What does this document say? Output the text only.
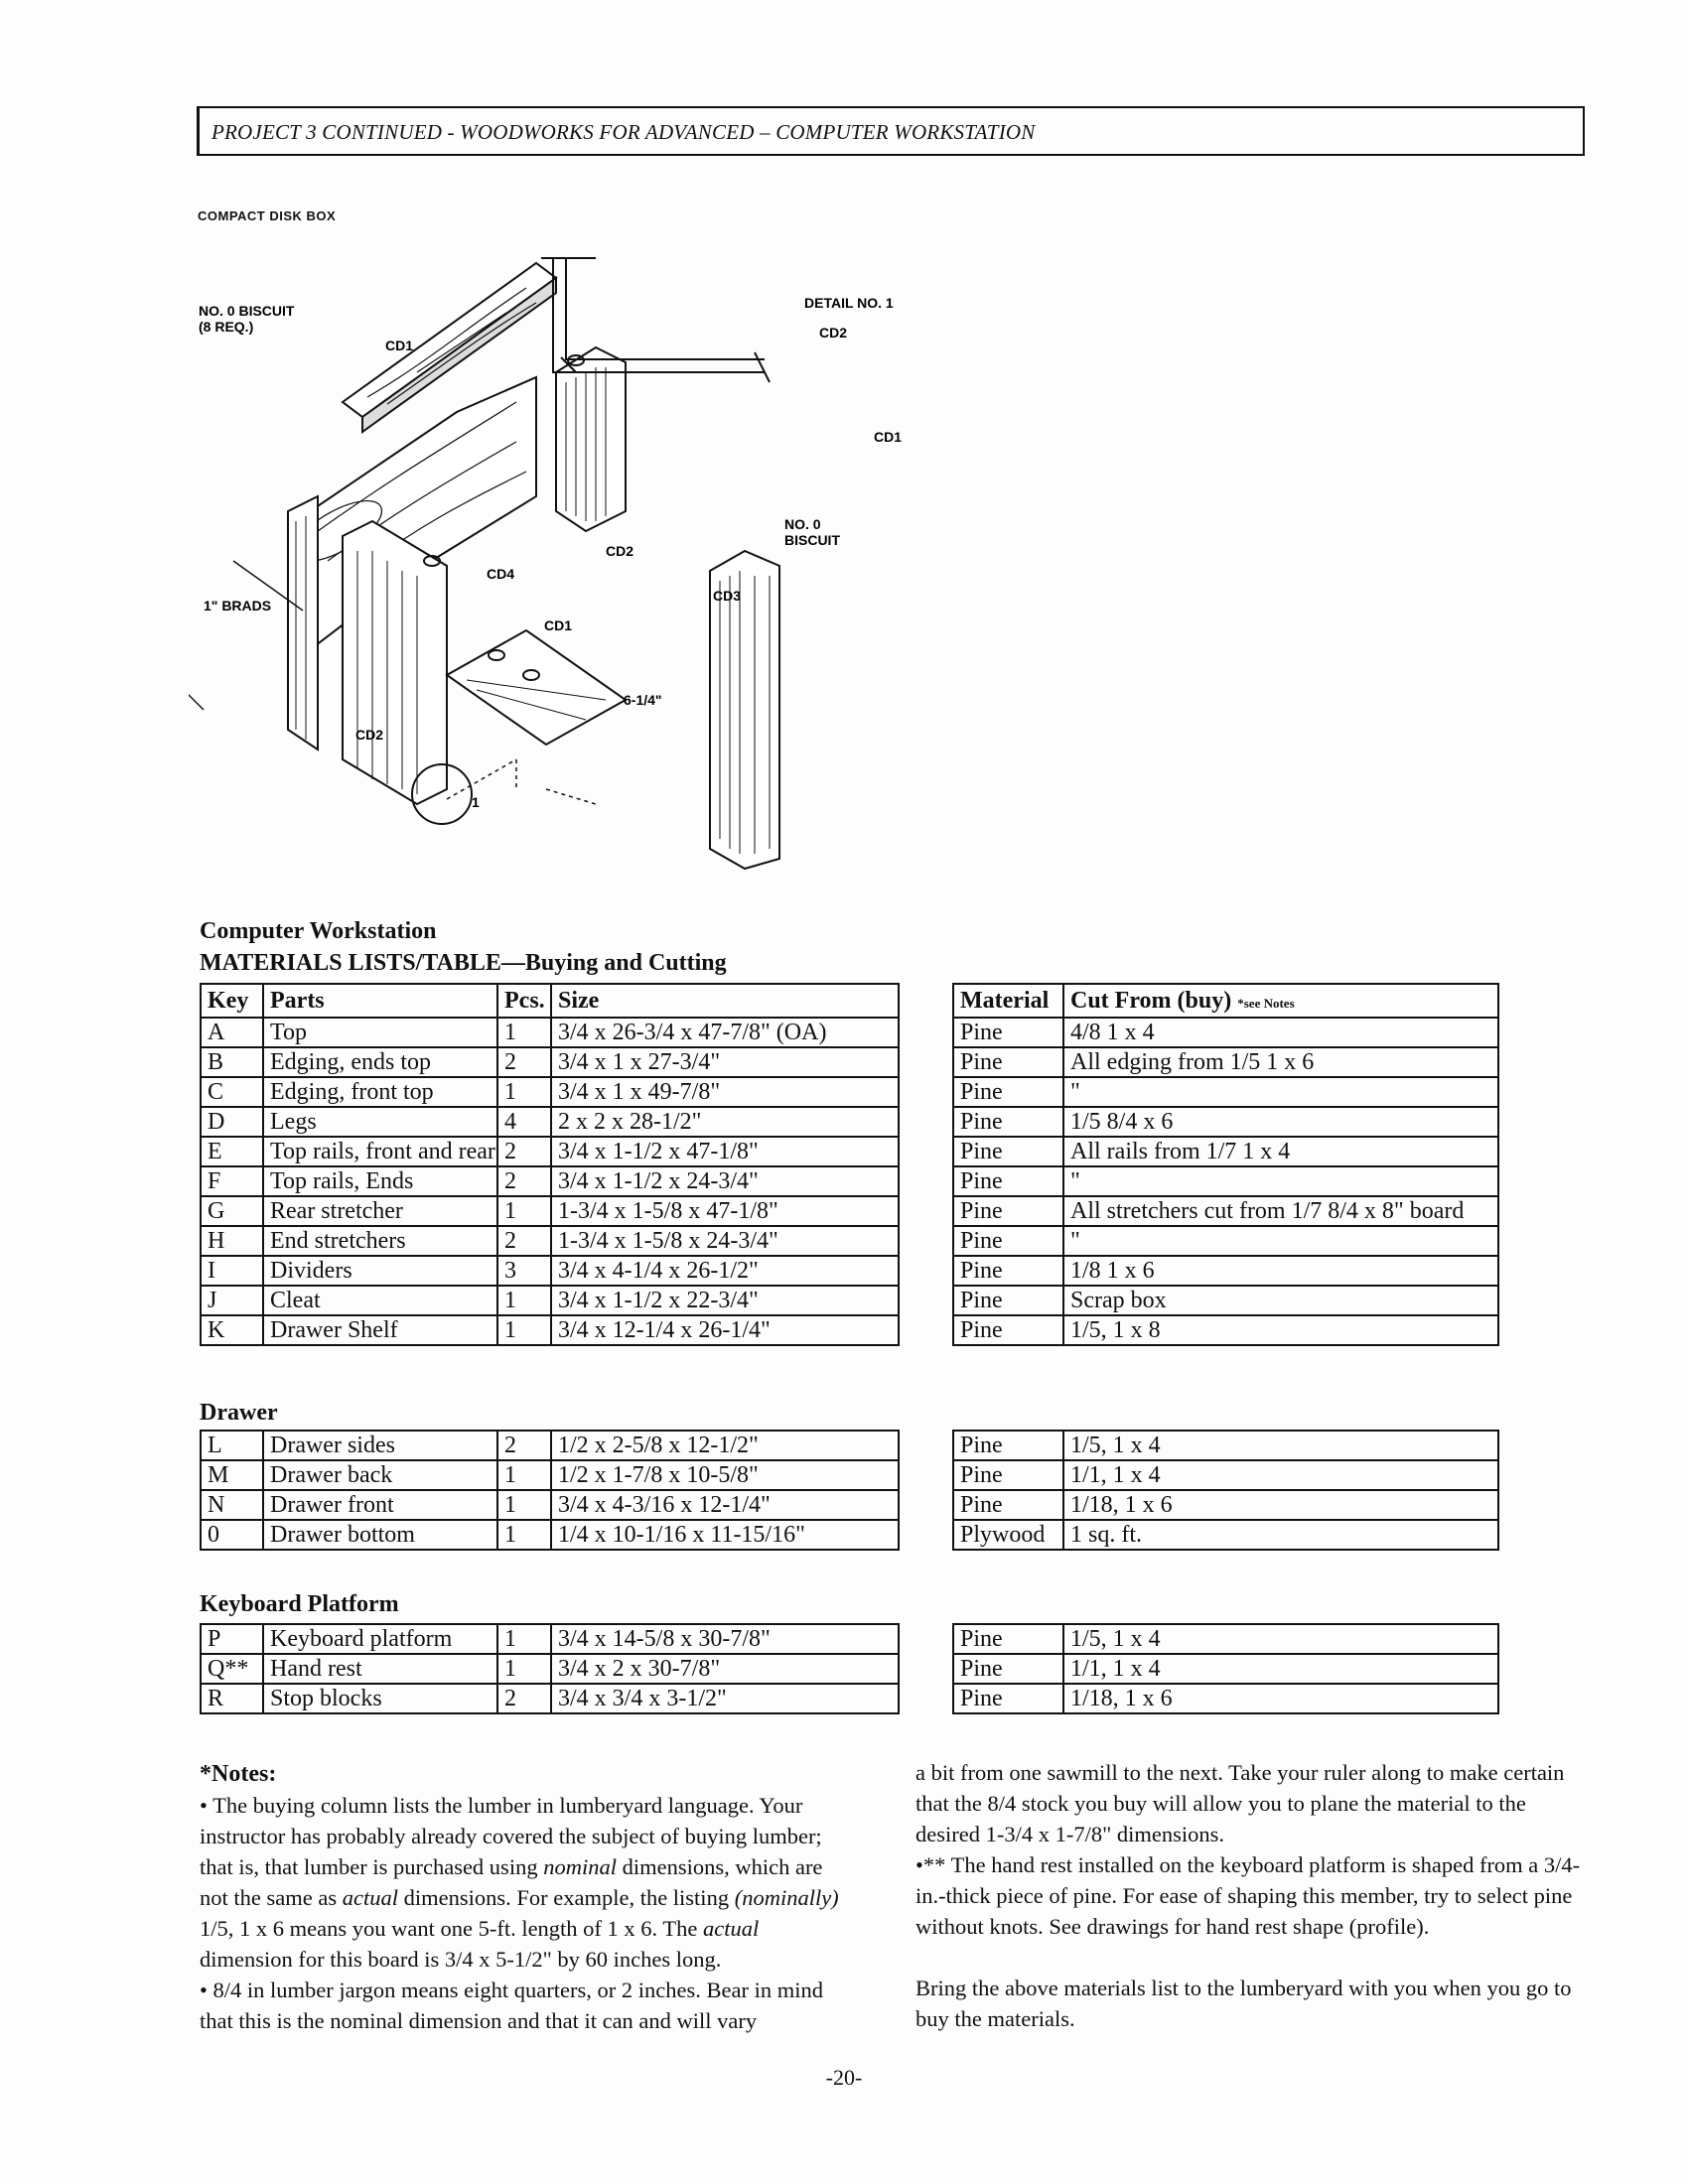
PROJECT 3 CONTINUED - WOODWORKS FOR ADVANCED – COMPUTER WORKSTATION
COMPACT DISK BOX
NO. 0 BISCUIT
(8 REQ.)
1" BRADS
DETAIL NO. 1
CD2
CD1
NO. 0
BISCUIT
CD1
CD2
CD4
CD1
CD3
CD2
6-1/4"
1
Computer Workstation
MATERIALS LISTS/TABLE—Buying and Cutting
Key	Parts	Pcs.	Size		Material	Cut From (buy) *see Notes
A	Top	1	3/4 x 26-3/4 x 47-7/8" (OA)		Pine	4/8 1 x 4
B	Edging, ends top	2	3/4 x 1 x 27-3/4"		Pine	All edging from 1/5 1 x 6
C	Edging, front top	1	3/4 x 1 x 49-7/8"		Pine	"
D	Legs	4	2 x 2 x 28-1/2"		Pine	1/5 8/4 x 6
E	Top rails, front and rear	2	3/4 x 1-1/2 x 47-1/8"		Pine	All rails from 1/7 1 x 4
F	Top rails, Ends	2	3/4 x 1-1/2 x 24-3/4"		Pine	"
G	Rear stretcher	1	1-3/4 x 1-5/8 x 47-1/8"		Pine	All stretchers cut from 1/7 8/4 x 8" board
H	End stretchers	2	1-3/4 x 1-5/8 x 24-3/4"		Pine	"
I	Dividers	3	3/4 x 4-1/4 x 26-1/2"		Pine	1/8 1 x 6
J	Cleat	1	3/4 x 1-1/2 x 22-3/4"		Pine	Scrap box
K	Drawer Shelf	1	3/4 x 12-1/4 x 26-1/4"		Pine	1/5, 1 x 8
Drawer
L	Drawer sides	2	1/2 x 2-5/8 x 12-1/2"		Pine	1/5, 1 x 4
M	Drawer back	1	1/2 x 1-7/8 x 10-5/8"		Pine	1/1, 1 x 4
N	Drawer front	1	3/4 x 4-3/16 x 12-1/4"		Pine	1/18, 1 x 6
0	Drawer bottom	1	1/4 x 10-1/16 x 11-15/16"		Plywood	1 sq. ft.
Keyboard Platform
P	Keyboard platform	1	3/4 x 14-5/8 x 30-7/8"		Pine	1/5, 1 x 4
Q**	Hand rest	1	3/4 x 2 x 30-7/8"		Pine	1/1, 1 x 4
R	Stop blocks	2	3/4 x 3/4 x 3-1/2"		Pine	1/18, 1 x 6

*Notes:

• The buying column lists the lumber in lumberyard language. Your instructor has probably already covered the subject of buying lumber; that is, that lumber is purchased using nominal dimensions, which are not the same as actual dimensions. For example, the listing (nominally) 1/5, 1 x 6 means you want one 5-ft. length of 1 x 6. The actual dimension for this board is 3/4 x 5-1/2" by 60 inches long.

• 8/4 in lumber jargon means eight quarters, or 2 inches. Bear in mind that this is the nominal dimension and that it can and will vary

a bit from one sawmill to the next. Take your ruler along to make certain that the 8/4 stock you buy will allow you to plane the material to the desired 1-3/4 x 1-7/8" dimensions.

•** The hand rest installed on the keyboard platform is shaped from a 3/4-in.-thick piece of pine. For ease of shaping this member, try to select pine without knots. See drawings for hand rest shape (profile).

Bring the above materials list to the lumberyard with you when you go to buy the materials.

-20-
